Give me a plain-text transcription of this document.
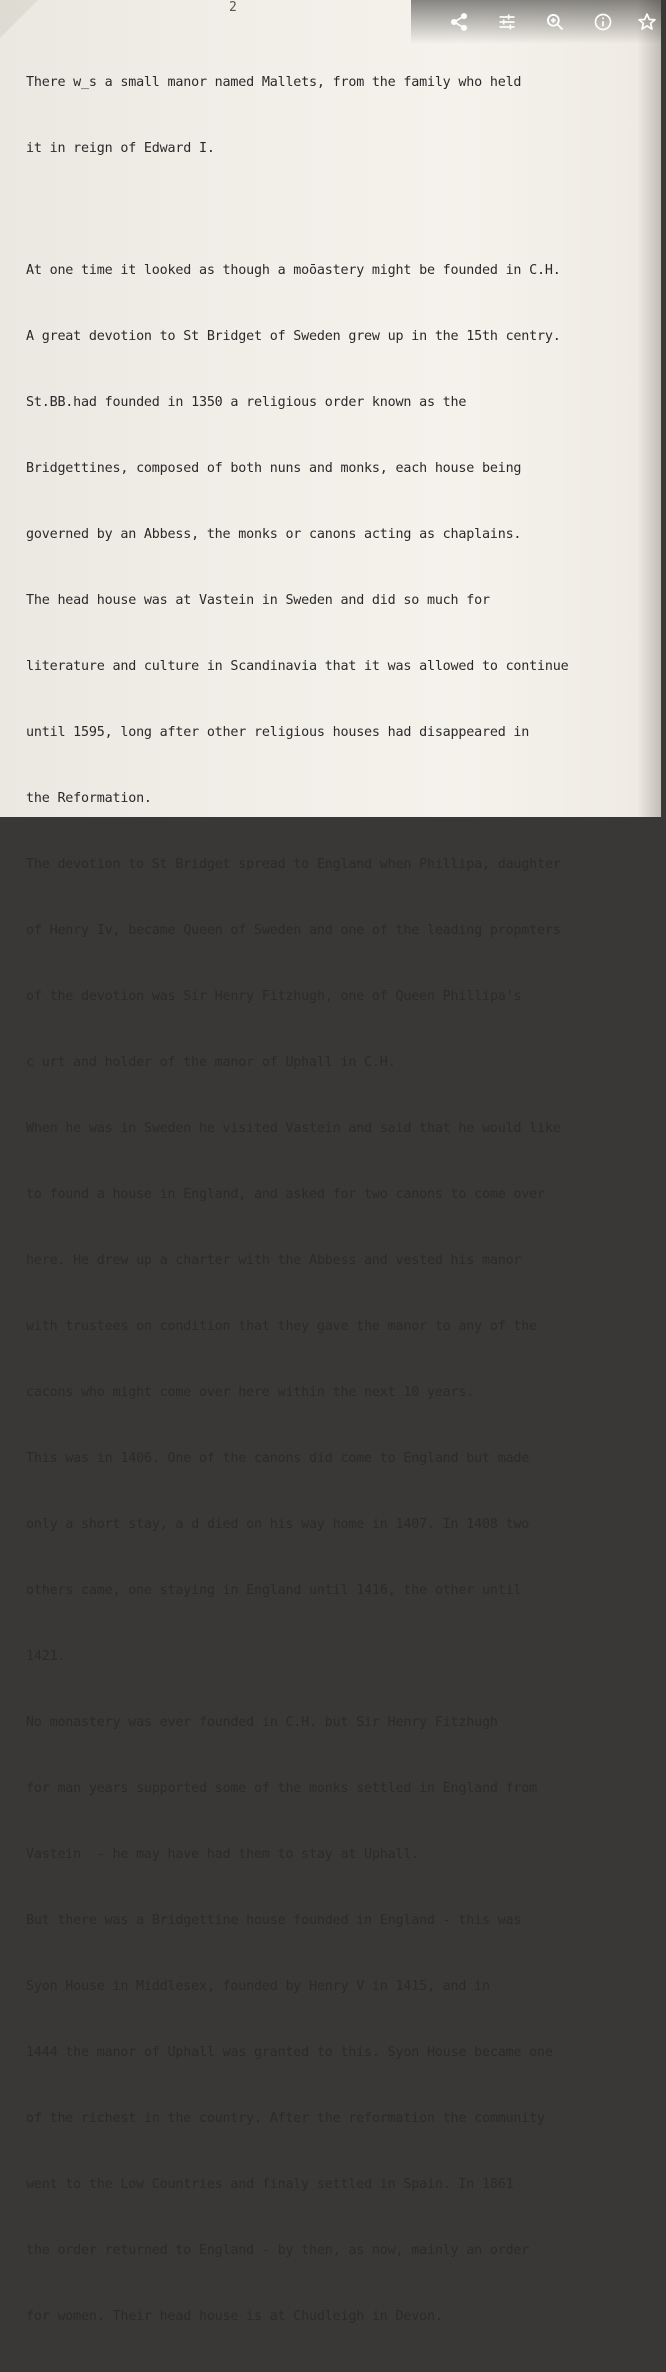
2

There w_s a small manor named Mallets, from the family who held

it in reign of Edward I.

At one time it looked as though a moōastery might be founded in C.H.

A great devotion to St Bridget of Sweden grew up in the 15th centry.

St.BB.had founded in 1350 a religious order known as the

Bridgettines, composed of both nuns and monks, each house being

governed by an Abbess, the monks or canons acting as chaplains.

The head house was at Vastein in Sweden and did so much for

literature and culture in Scandinavia that it was allowed to continue

until 1595, long after other religious houses had disappeared in

the Reformation.

The devotion to St Bridget spread to England when Phillipa, daughter

of Henry Iv, became Queen of Sweden and one of the leading propmters

of the devotion was Sir Henry Fitzhugh, one of Queen Phillipa's

c urt and holder of the manor of Uphall in C.H.

When he was in Sweden he visited Vastein and said that he would like

to found a house in England, and asked for two canons to come over

here. He drew up a charter with the Abbess and vested his manor

with trustees on condition that they gave the manor to any of the

cacons who might come over here within the next 10 years.

This was in 1406. One of the canons did come to England but made

only a short stay, a d died on his way home in 1407. In 1408 two

others came, one staying in England until 1416, the other until

1421.

No monastery was ever founded in C.H. but Sir Henry Fitzhugh

for man years supported some of the monks settled in England from

Vastein  - he may have had them to stay at Uphall.

But there was a Bridgettine house founded in England - this was

Syon House in Middlesex, founded by Henry V in 1415, and in

1444 the manor of Uphall was granted to this. Syon House became one

of the richest in the country. After the reformation the community

went to the Low Countries and finaly settled in Spain. In 1861

the order returned to England - by then, as now, mainly an order

for women. Their head house is at Chudleigh in Devon.
